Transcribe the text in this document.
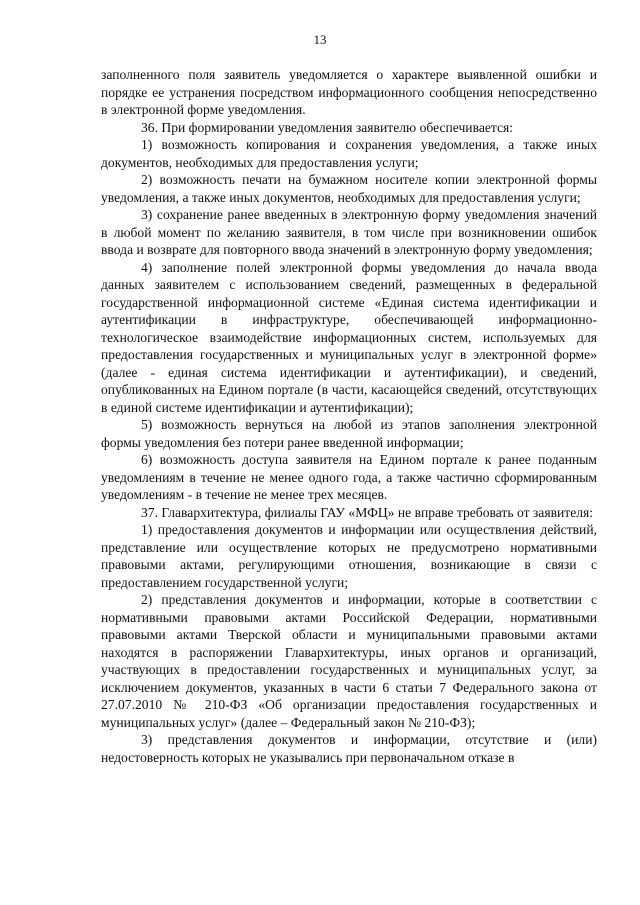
13

заполненного поля заявитель уведомляется о характере выявленной ошибки и порядке ее устранения посредством информационного сообщения непосредственно в электронной форме уведомления.

36. При формировании уведомления заявителю обеспечивается:

1) возможность копирования и сохранения уведомления, а также иных документов, необходимых для предоставления услуги;

2) возможность печати на бумажном носителе копии электронной формы уведомления, а также иных документов, необходимых для предоставления услуги;

3) сохранение ранее введенных в электронную форму уведомления значений в любой момент по желанию заявителя, в том числе при возникновении ошибок ввода и возврате для повторного ввода значений в электронную форму уведомления;

4) заполнение полей электронной формы уведомления до начала ввода данных заявителем с использованием сведений, размещенных в федеральной государственной информационной системе «Единая система идентификации и аутентификации в инфраструктуре, обеспечивающей информационно-технологическое взаимодействие информационных систем, используемых для предоставления государственных и муниципальных услуг в электронной форме» (далее - единая система идентификации и аутентификации), и сведений, опубликованных на Едином портале (в части, касающейся сведений, отсутствующих в единой системе идентификации и аутентификации);

5) возможность вернуться на любой из этапов заполнения электронной формы уведомления без потери ранее введенной информации;

6) возможность доступа заявителя на Едином портале к ранее поданным уведомлениям в течение не менее одного года, а также частично сформированным уведомлениям - в течение не менее трех месяцев.

37. Главархитектура, филиалы ГАУ «МФЦ» не вправе требовать от заявителя:

1) предоставления документов и информации или осуществления действий, представление или осуществление которых не предусмотрено нормативными правовыми актами, регулирующими отношения, возникающие в связи с предоставлением государственной услуги;

2) представления документов и информации, которые в соответствии с нормативными правовыми актами Российской Федерации, нормативными правовыми актами Тверской области и муниципальными правовыми актами находятся в распоряжении Главархитектуры, иных органов и организаций, участвующих в предоставлении государственных и муниципальных услуг, за исключением документов, указанных в части 6 статьи 7 Федерального закона от 27.07.2010 № 210-ФЗ «Об организации предоставления государственных и муниципальных услуг» (далее – Федеральный закон № 210-ФЗ);

3) представления документов и информации, отсутствие и (или) недостоверность которых не указывались при первоначальном отказе в
